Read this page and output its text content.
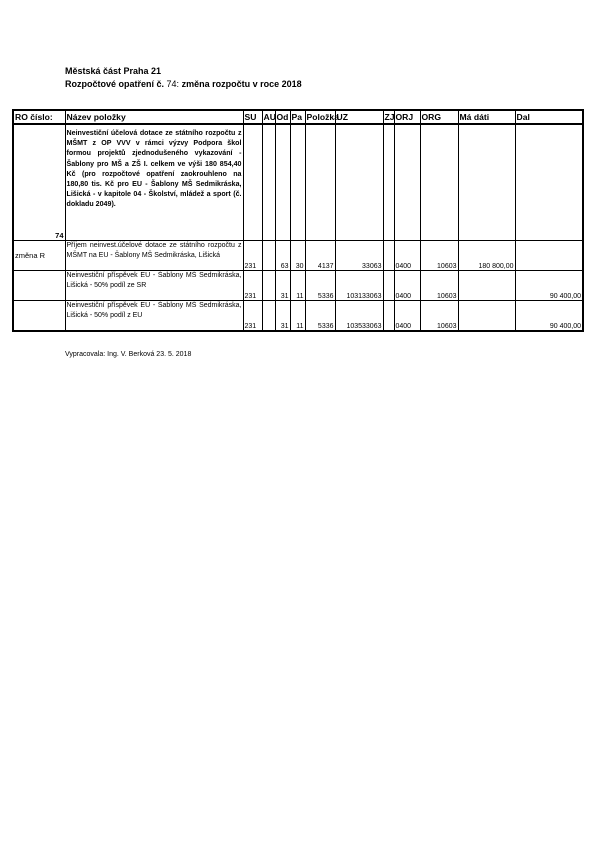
Městská část Praha 21
Rozpočtové opatření č. 74: změna rozpočtu v roce 2018
RO číslo:	Název položky	SU	AU	Od	Pa	Položka	UZ	ZJ	ORJ	ORG	Má dáti	Dal
74	Neinvestiční účelová dotace ze státního rozpočtu z MŠMT z OP VVV v rámci výzvy Podpora škol formou projektů zjednodušeného vykazování - Šablony pro MŠ a ZŠ I. celkem ve výši 180 854,40 Kč (pro rozpočtové opatření zaokrouhleno na 180,80 tis. Kč pro EU - Šablony MŠ Sedmikráska, Lišická - v kapitole 04 - Školství, mládež a sport (č. dokladu 2049).											
změna R	Příjem neinvest.účelové dotace ze státního rozpočtu z MŠMT na EU - Šablony MŠ Sedmikráska, Lišická	231		63	30	4137	33063		0400	10603	180 800,00	
	Neinvestiční příspěvek EU - Šablony MŠ Sedmikráska, Lišická - 50% podíl ze SR	231		31	11	5336	103133063		0400	10603		90 400,00
	Neinvestiční příspěvek EU - Šablony MŠ Sedmikráska, Lišická - 50% podíl z EU	231		31	11	5336	103533063		0400	10603		90 400,00
Vypracovala: Ing. V. Berková 23. 5. 2018
